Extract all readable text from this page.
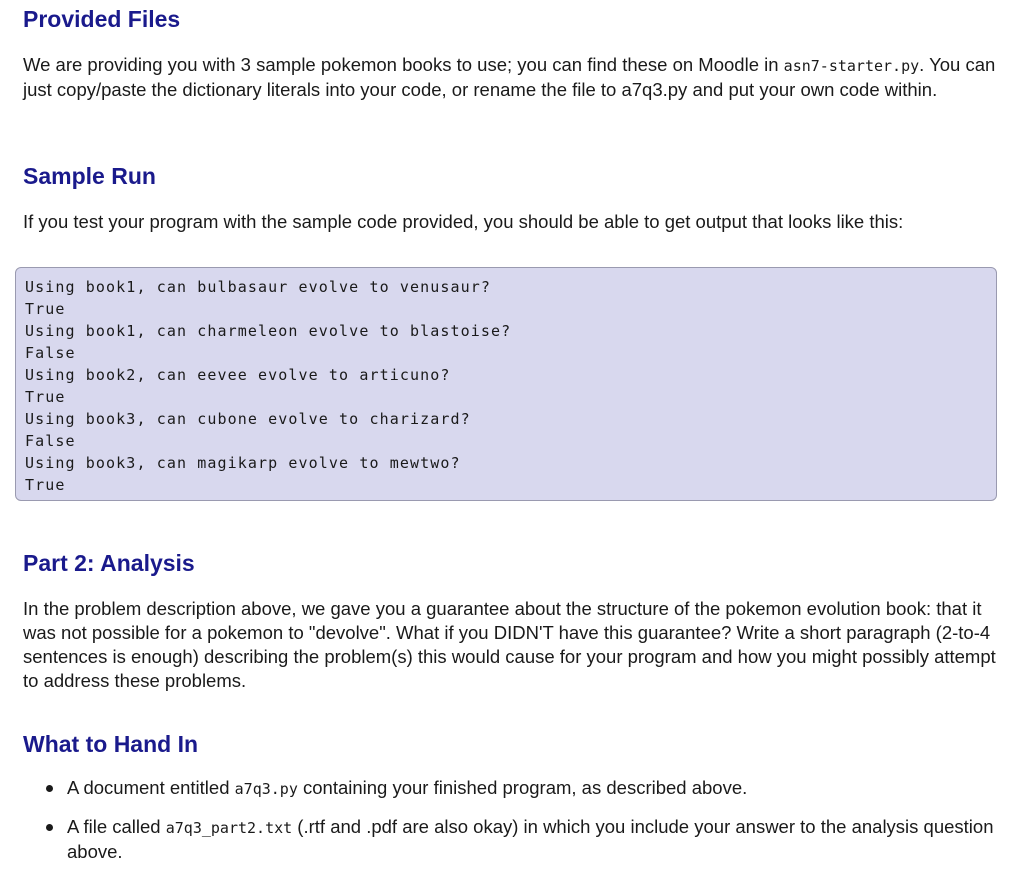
Provided Files

We are providing you with 3 sample pokemon books to use; you can find these on Moodle in asn7-starter.py. You can just copy/paste the dictionary literals into your code, or rename the file to a7q3.py and put your own code within.

Sample Run

If you test your program with the sample code provided, you should be able to get output that looks like this:

Using book1, can bulbasaur evolve to venusaur?
True
Using book1, can charmeleon evolve to blastoise?
False
Using book2, can eevee evolve to articuno?
True
Using book3, can cubone evolve to charizard?
False
Using book3, can magikarp evolve to mewtwo?
True
Part 2: Analysis

In the problem description above, we gave you a guarantee about the structure of the pokemon evolution book: that it was not possible for a pokemon to "devolve". What if you DIDN'T have this guarantee? Write a short paragraph (2-to-4 sentences is enough) describing the problem(s) this would cause for your program and how you might possibly attempt to address these problems.

What to Hand In
A document entitled a7q3.py containing your finished program, as described above.
A file called a7q3_part2.txt (.rtf and .pdf are also okay) in which you include your answer to the analysis question above.
